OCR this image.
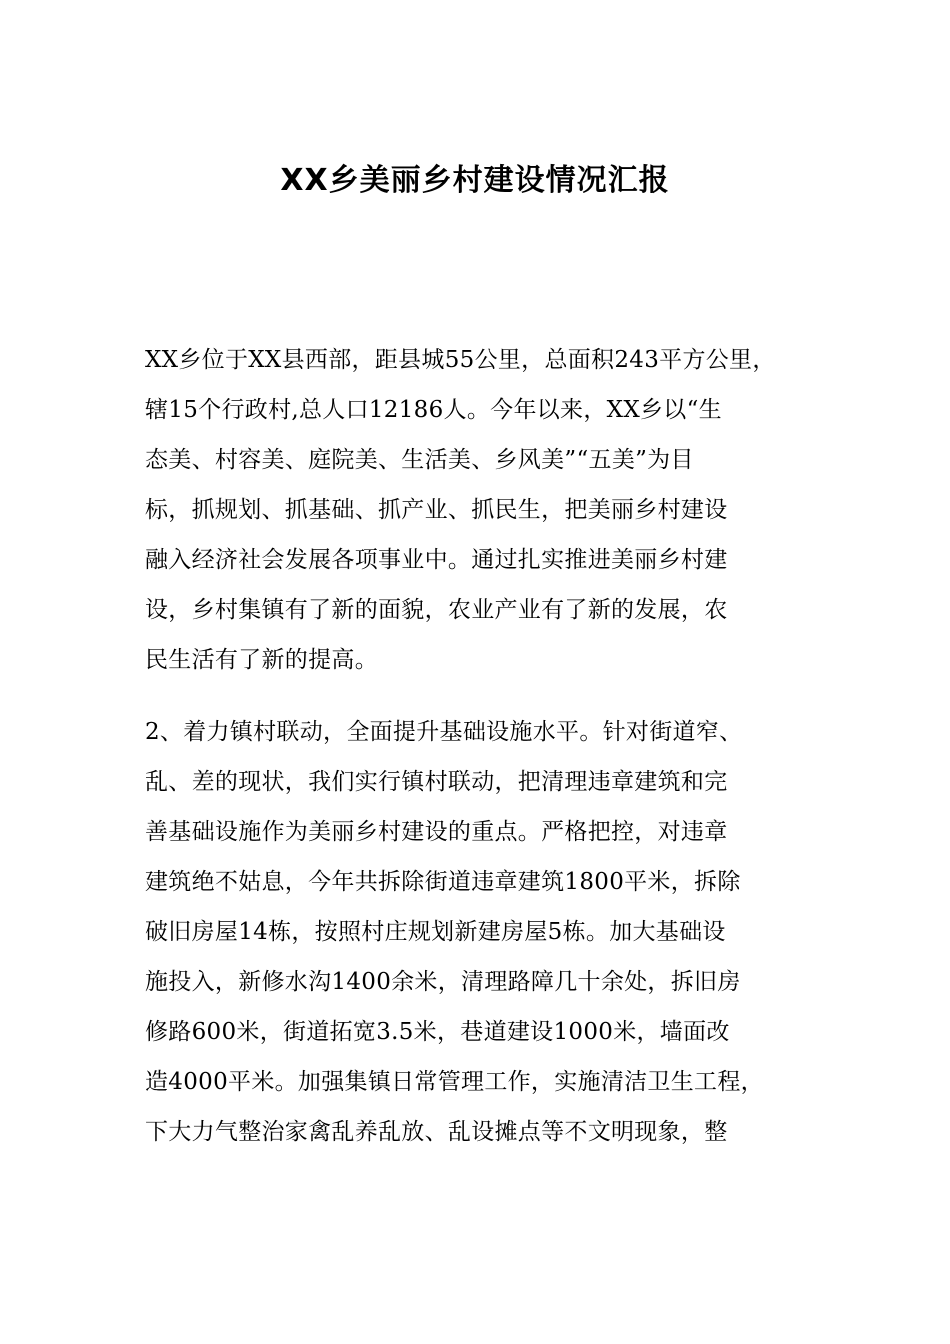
XX乡美丽乡村建设情况汇报
XX乡位于XX县西部，距县城55公里，总面积243平方公里，
辖15个行政村,总人口12186人。今年以来，XX乡以“生
态美、村容美、庭院美、生活美、乡风美”“五美”为目
标，抓规划、抓基础、抓产业、抓民生，把美丽乡村建设
融入经济社会发展各项事业中。通过扎实推进美丽乡村建
设，乡村集镇有了新的面貌，农业产业有了新的发展，农
民生活有了新的提高。
2、着力镇村联动，全面提升基础设施水平。针对街道窄、
乱、差的现状，我们实行镇村联动，把清理违章建筑和完
善基础设施作为美丽乡村建设的重点。严格把控，对违章
建筑绝不姑息，今年共拆除街道违章建筑1800平米，拆除
破旧房屋14栋，按照村庄规划新建房屋5栋。加大基础设
施投入，新修水沟1400余米，清理路障几十余处，拆旧房
修路600米，街道拓宽3.5米，巷道建设1000米，墙面改
造4000平米。加强集镇日常管理工作，实施清洁卫生工程，
下大力气整治家禽乱养乱放、乱设摊点等不文明现象，整
